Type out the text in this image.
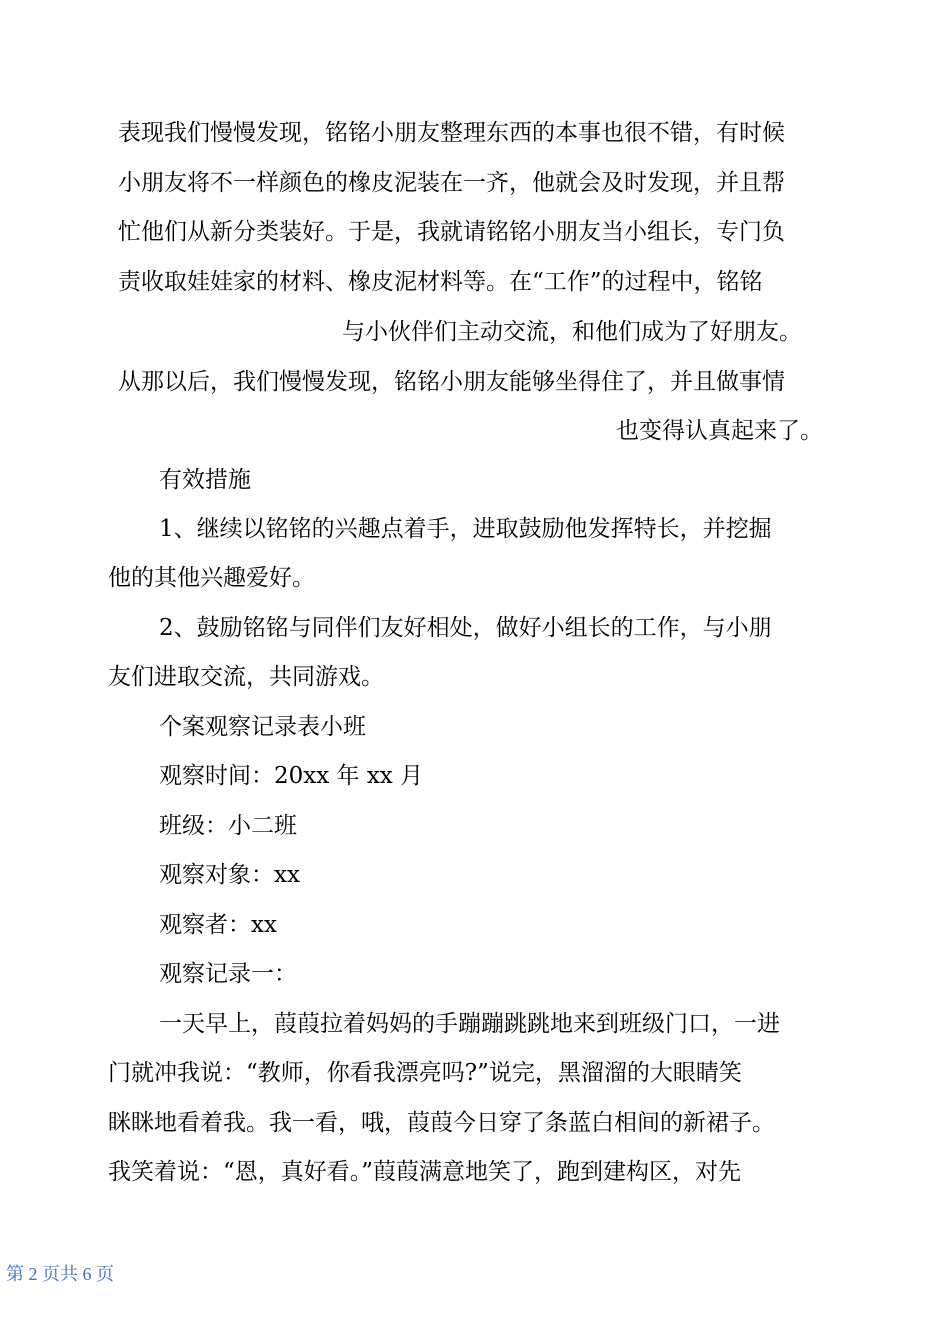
表现我们慢慢发现，铭铭小朋友整理东西的本事也很不错，有时候
小朋友将不一样颜色的橡皮泥装在一齐，他就会及时发现，并且帮
忙他们从新分类装好。于是，我就请铭铭小朋友当小组长，专门负
责收取娃娃家的材料、橡皮泥材料等。在“工作”的过程中，铭铭
与小伙伴们主动交流，和他们成为了好朋友。
从那以后，我们慢慢发现，铭铭小朋友能够坐得住了，并且做事情
也变得认真起来了。
有效措施
1、继续以铭铭的兴趣点着手，进取鼓励他发挥特长，并挖掘
他的其他兴趣爱好。
2、鼓励铭铭与同伴们友好相处，做好小组长的工作，与小朋
友们进取交流，共同游戏。
个案观察记录表小班
观察时间：20xx 年 xx 月
班级：小二班
观察对象：xx
观察者：xx
观察记录一：
一天早上，葭葭拉着妈妈的手蹦蹦跳跳地来到班级门口，一进
门就冲我说：“教师，你看我漂亮吗?”说完，黑溜溜的大眼睛笑
眯眯地看着我。我一看，哦，葭葭今日穿了条蓝白相间的新裙子。
我笑着说：“恩，真好看。”葭葭满意地笑了，跑到建构区，对先
第 2 页共 6 页
